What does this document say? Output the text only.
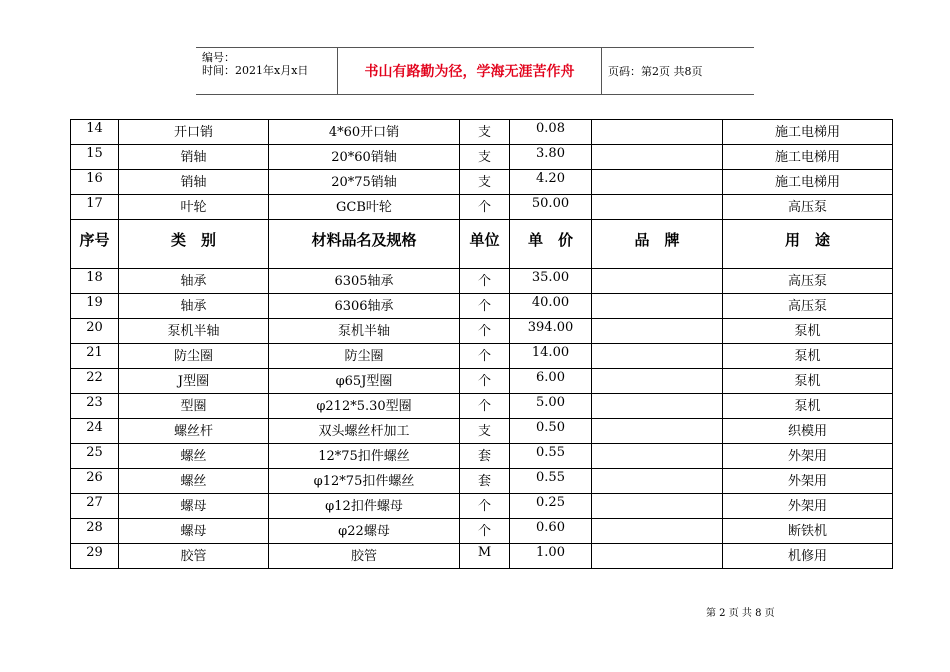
编号：
时间：2021年x月x日	书山有路勤为径，学海无涯苦作舟	页码：第2页 共8页
14	开口销	4*60开口销	支	0.08		施工电梯用
15	销轴	20*60销轴	支	3.80		施工电梯用
16	销轴	20*75销轴	支	4.20		施工电梯用
17	叶轮	GCB叶轮	个	50.00		高压泵
序号	类　别	材料品名及规格	单位	单　价	品　牌	用　途
18	轴承	6305轴承	个	35.00		高压泵
19	轴承	6306轴承	个	40.00		高压泵
20	泵机半轴	泵机半轴	个	394.00		泵机
21	防尘圈	防尘圈	个	14.00		泵机
22	J型圈	φ65J型圈	个	6.00		泵机
23	型圈	φ212*5.30型圈	个	5.00		泵机
24	螺丝杆	双头螺丝杆加工	支	0.50		织模用
25	螺丝	12*75扣件螺丝	套	0.55		外架用
26	螺丝	φ12*75扣件螺丝	套	0.55		外架用
27	螺母	φ12扣件螺母	个	0.25		外架用
28	螺母	φ22螺母	个	0.60		断铁机
29	胶管	胶管	M	1.00		机修用
第 2 页 共 8 页
